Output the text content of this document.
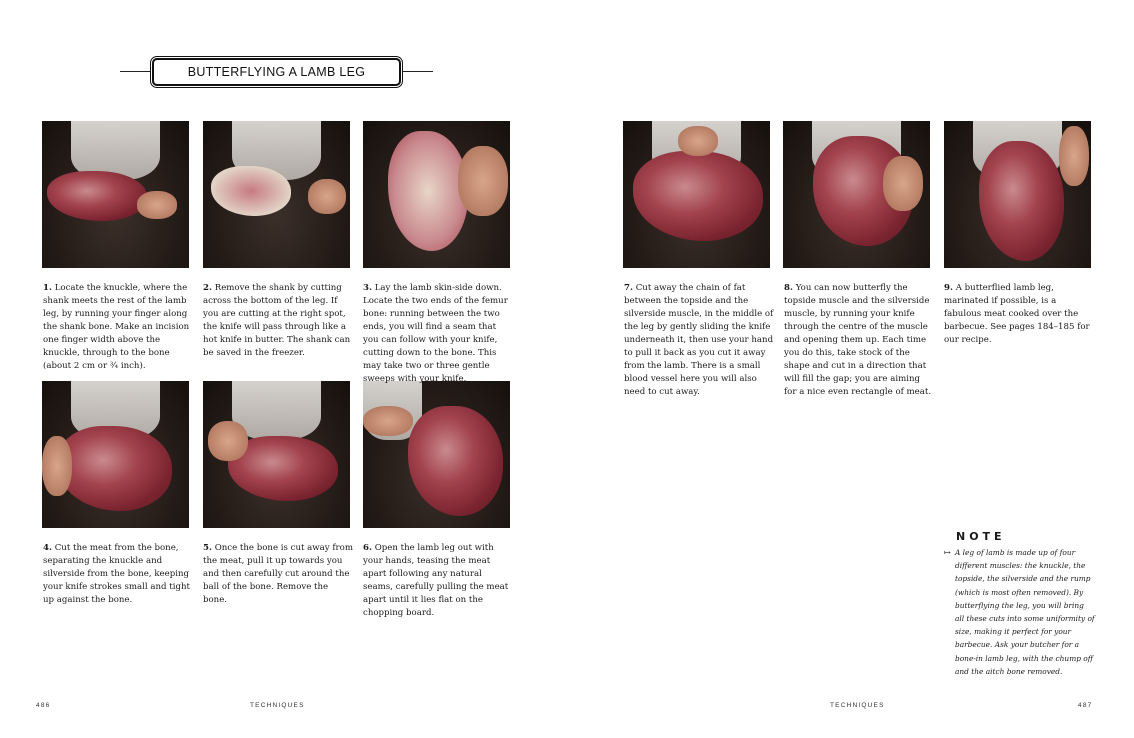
BUTTERFLYING A LAMB LEG
1. Locate the knuckle, where the shank meets the rest of the lamb leg, by running your finger along the shank bone. Make an incision one finger width above the knuckle, through to the bone (about 2 cm or ¾ inch).
2. Remove the shank by cutting across the bottom of the leg. If you are cutting at the right spot, the knife will pass through like a hot knife in butter. The shank can be saved in the freezer.
3. Lay the lamb skin-side down. Locate the two ends of the femur bone: running between the two ends, you will find a seam that you can follow with your knife, cutting down to the bone. This may take two or three gentle sweeps with your knife.
4. Cut the meat from the bone, separating the knuckle and silverside from the bone, keeping your knife strokes small and tight up against the bone.
5. Once the bone is cut away from the meat, pull it up towards you and then carefully cut around the ball of the bone. Remove the bone.
6. Open the lamb leg out with your hands, teasing the meat apart following any natural seams, carefully pulling the meat apart until it lies flat on the chopping board.
7. Cut away the chain of fat between the topside and the silverside muscle, in the middle of the leg by gently sliding the knife underneath it, then use your hand to pull it back as you cut it away from the lamb. There is a small blood vessel here you will also need to cut away.
8. You can now butterfly the topside muscle and the silverside muscle, by running your knife through the centre of the muscle and opening them up. Each time you do this, take stock of the shape and cut in a direction that will fill the gap; you are aiming for a nice even rectangle of meat.
9. A butterflied lamb leg, marinated if possible, is a fabulous meat cooked over the barbecue. See pages 184–185 for our recipe.
NOTE
↦ A leg of lamb is made up of four different muscles: the knuckle, the topside, the silverside and the rump (which is most often removed). By butterflying the leg, you will bring all these cuts into some uniformity of size, making it perfect for your barbecue. Ask your butcher for a bone-in lamb leg, with the chump off and the aitch bone removed.
486	TECHNIQUES	TECHNIQUES	487
